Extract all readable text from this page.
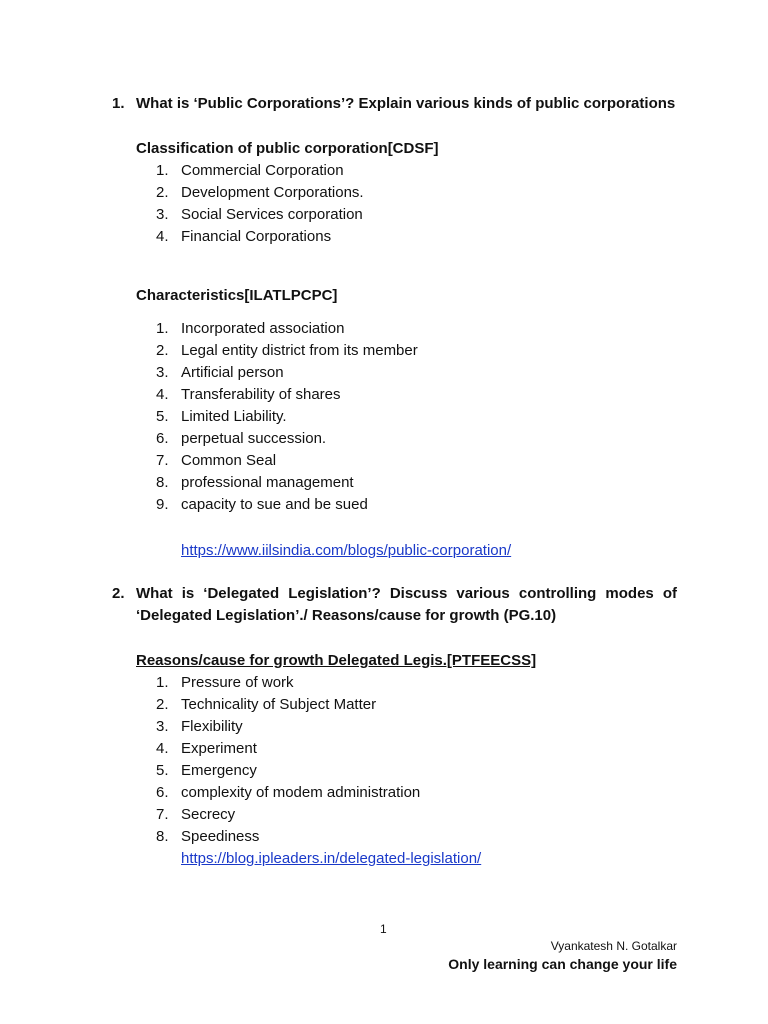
1. What is ‘Public Corporations’? Explain various kinds of public corporations
Classification of public corporation[CDSF]
1. Commercial Corporation
2. Development Corporations.
3. Social Services corporation
4. Financial Corporations
Characteristics[ILATLPCPC]
1. Incorporated association
2. Legal entity district from its member
3. Artificial person
4. Transferability of shares
5. Limited Liability.
6. perpetual succession.
7. Common Seal
8. professional management
9. capacity to sue and be sued
https://www.iilsindia.com/blogs/public-corporation/
2. What is ‘Delegated Legislation’? Discuss various controlling modes of ‘Delegated Legislation’./ Reasons/cause for growth (PG.10)
Reasons/cause for growth Delegated Legis.[PTFEECSS]
1. Pressure of work
2. Technicality of Subject Matter
3. Flexibility
4. Experiment
5. Emergency
6. complexity of modem administration
7. Secrecy
8. Speediness
https://blog.ipleaders.in/delegated-legislation/
1
Vyankatesh N. Gotalkar
Only learning can change your life
